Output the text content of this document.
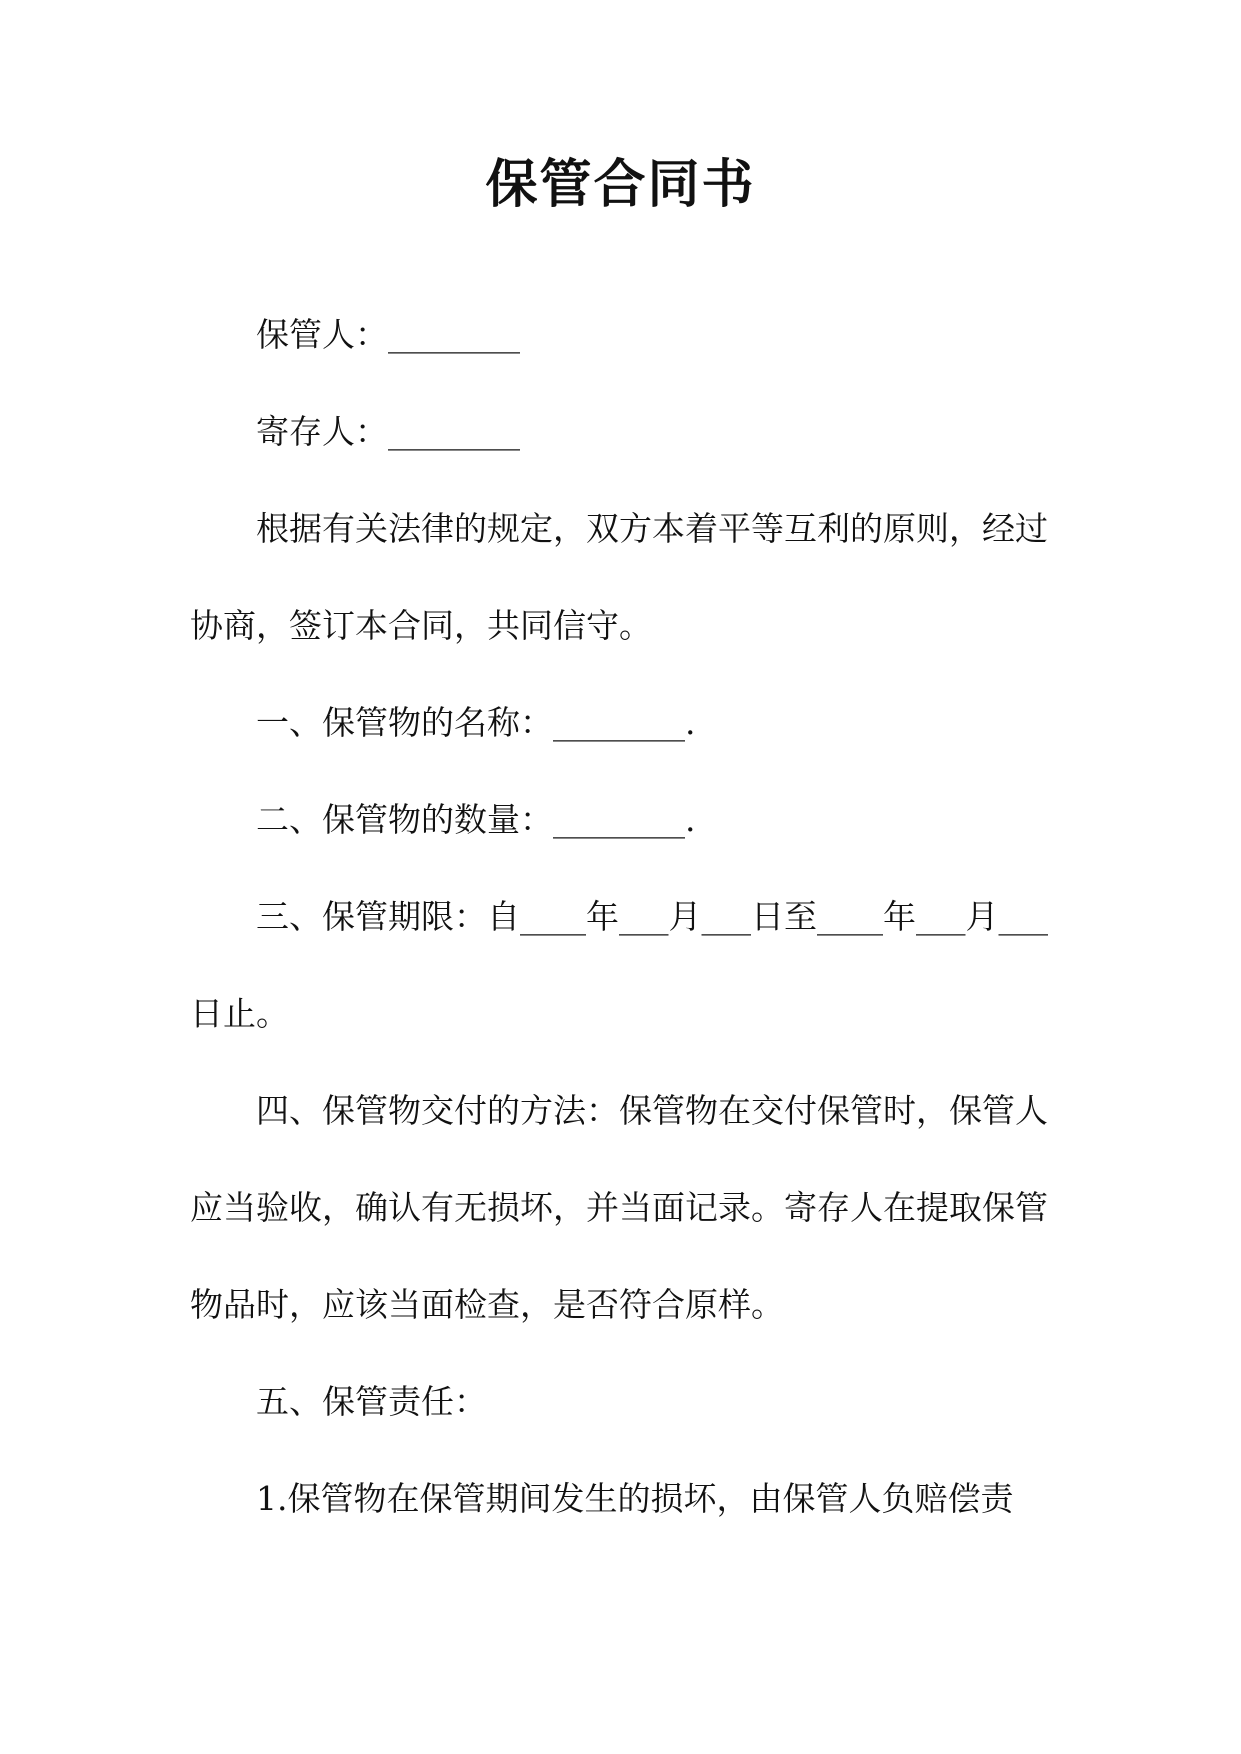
保管合同书
保管人：________
寄存人：________
根据有关法律的规定，双方本着平等互利的原则，经过协商，签订本合同，共同信守。
一、保管物的名称：________.
二、保管物的数量：________.
三、保管期限：自____年___月___日至____年___月___日止。
四、保管物交付的方法：保管物在交付保管时，保管人应当验收，确认有无损坏，并当面记录。寄存人在提取保管物品时，应该当面检查，是否符合原样。
五、保管责任：
1.保管物在保管期间发生的损坏，由保管人负赔偿责
